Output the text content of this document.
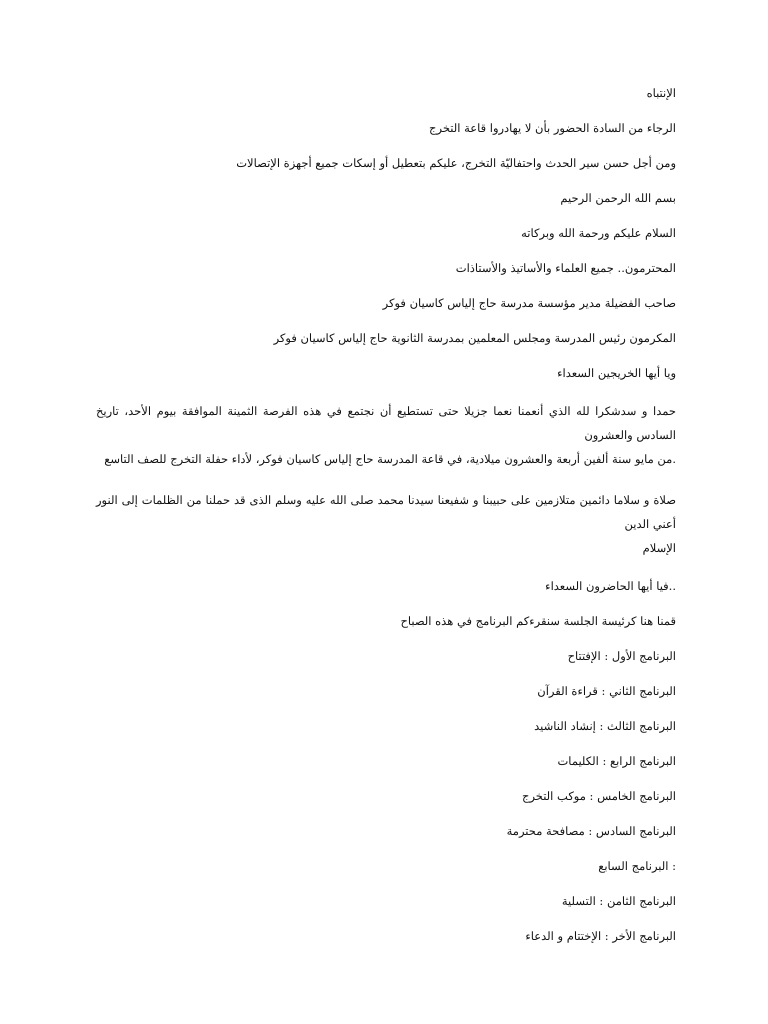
الإنتباه

الرجاء من السادة الحضور بأن لا يهادروا قاعة التخرج

ومن أجل حسن سير الحدث واحتفاليّة التخرج، عليكم بتعطيل أو إسكات جميع أجهزة الإتصالات

بسم الله الرحمن الرحيم

السلام عليكم ورحمة الله وبركاته

المحترمون.. جميع العلماء والأساتيذ والأستاذات

صاحب الفضيلة مدير مؤسسة مدرسة حاج إلياس كاسيان فوكر

المكرمون رئيس المدرسة ومجلس المعلمين بمدرسة الثانوية حاج إلياس كاسيان فوكر

ويا أيها الخريجين السعداء

حمدا و سدشكرا لله الذي أنعمنا نعما جزيلا حتى تستطيع أن نجتمع في هذه الفرصة الثمينة الموافقة بيوم الأحد، تاريخ السادس والعشرون

.من مايو سنة ألفين أربعة والعشرون ميلادية، في قاعة المدرسة حاج إلياس كاسيان فوكر، لأداء حفلة التخرج للصف التاسع

صلاة و سلاما دائمين متلازمين على حبيبنا و شفيعنا سيدنا محمد صلى الله عليه وسلم الذى قد حملنا من الظلمات إلى النور أعني الدين

الإسلام

..فيا أيها الحاضرون السعداء

قمنا هنا كرئيسة الجلسة سنقرءكم البرنامج في هذه الصباح

البرنامج الأول : الإفتتاح

البرنامج الثاني : قراءة القرآن

البرنامج الثالث : إنشاد الناشيد

البرنامج الرابع : الكليمات

البرنامج الخامس : موكب التخرج

البرنامج السادس : مصافحة محترمة

: البرنامج السابع

البرنامج الثامن : التسلية

البرنامج الأخر : الإختتام و الدعاء
